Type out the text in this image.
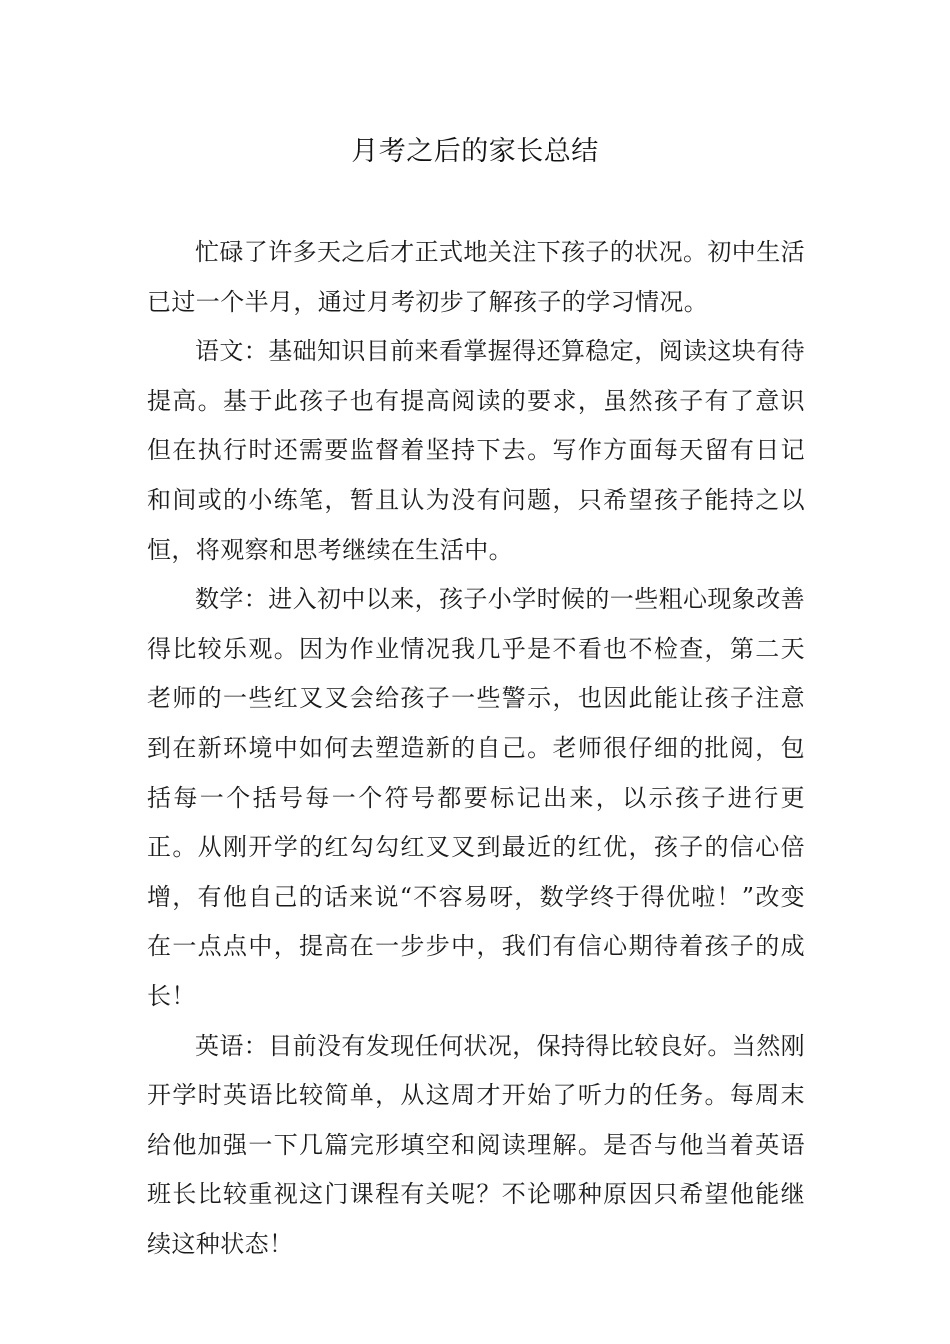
月考之后的家长总结

忙碌了许多天之后才正式地关注下孩子的状况。初中生活已过一个半月，通过月考初步了解孩子的学习情况。

语文：基础知识目前来看掌握得还算稳定，阅读这块有待提高。基于此孩子也有提高阅读的要求，虽然孩子有了意识但在执行时还需要监督着坚持下去。写作方面每天留有日记和间或的小练笔，暂且认为没有问题，只希望孩子能持之以恒，将观察和思考继续在生活中。

数学：进入初中以来，孩子小学时候的一些粗心现象改善得比较乐观。因为作业情况我几乎是不看也不检查，第二天老师的一些红叉叉会给孩子一些警示，也因此能让孩子注意到在新环境中如何去塑造新的自己。老师很仔细的批阅，包括每一个括号每一个符号都要标记出来，以示孩子进行更正。从刚开学的红勾勾红叉叉到最近的红优，孩子的信心倍增，有他自己的话来说“不容易呀，数学终于得优啦！”改变在一点点中，提高在一步步中，我们有信心期待着孩子的成长！

英语：目前没有发现任何状况，保持得比较良好。当然刚开学时英语比较简单，从这周才开始了听力的任务。每周末给他加强一下几篇完形填空和阅读理解。是否与他当着英语班长比较重视这门课程有关呢？不论哪种原因只希望他能继续这种状态！
